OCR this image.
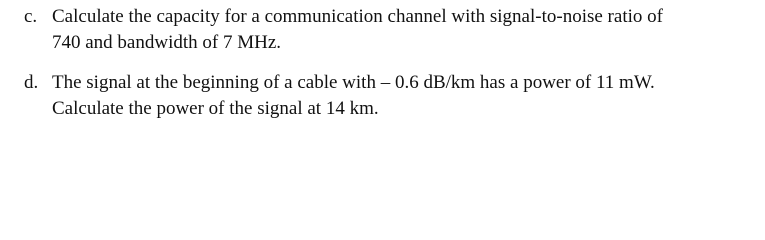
c. Calculate the capacity for a communication channel with signal-to-noise ratio of
740 and bandwidth of 7 MHz.
d. The signal at the beginning of a cable with – 0.6 dB/km has a power of 11 mW.
Calculate the power of the signal at 14 km.
